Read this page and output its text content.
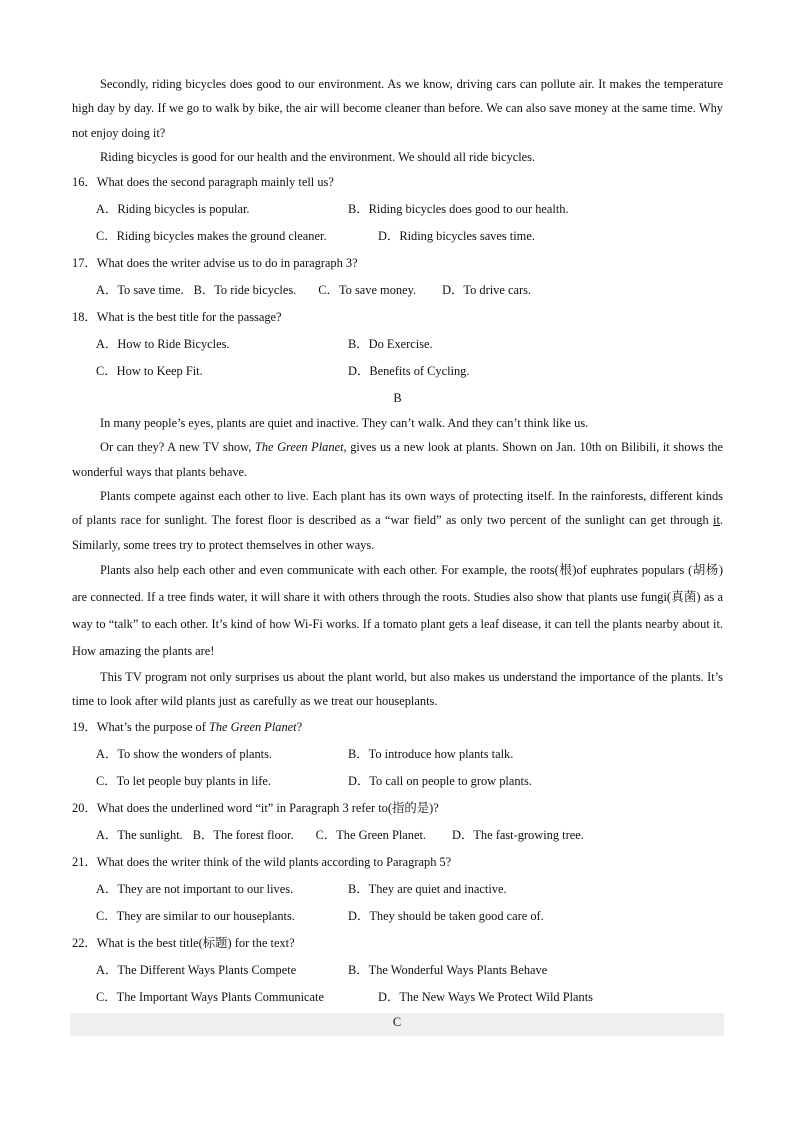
Secondly, riding bicycles does good to our environment. As we know, driving cars can pollute air. It makes the temperature high day by day. If we go to walk by bike, the air will become cleaner than before. We can also save money at the same time. Why not enjoy doing it?

Riding bicycles is good for our health and the environment. We should all ride bicycles.

16．What does the second paragraph mainly tell us?

A．Riding bicycles is popular.	B．Riding bicycles does good to our health.
C．Riding bicycles makes the ground cleaner.	D．Riding bicycles saves time.

17．What does the writer advise us to do in paragraph 3?

A．To save time. B．To ride bicycles. C．To save money. D．To drive cars.

18．What is the best title for the passage?

A．How to Ride Bicycles.	B．Do Exercise.
C．How to Keep Fit.	D．Benefits of Cycling.

B

In many people’s eyes, plants are quiet and inactive. They can’t walk. And they can’t think like us.

Or can they? A new TV show, The Green Planet, gives us a new look at plants. Shown on Jan. 10th on Bilibili, it shows the wonderful ways that plants behave.

Plants compete against each other to live. Each plant has its own ways of protecting itself. In the rainforests, different kinds of plants race for sunlight. The forest floor is described as a “war field” as only two percent of the sunlight can get through it. Similarly, some trees try to protect themselves in other ways.

Plants also help each other and even communicate with each other. For example, the roots(根)of euphrates populars (胡杨) are connected. If a tree finds water, it will share it with others through the roots. Studies also show that plants use fungi(真菌) as a way to “talk” to each other. It’s kind of how Wi-Fi works. If a tomato plant gets a leaf disease, it can tell the plants nearby about it. How amazing the plants are!

This TV program not only surprises us about the plant world, but also makes us understand the importance of the plants. It’s time to look after wild plants just as carefully as we treat our houseplants.

19．What’s the purpose of The Green Planet?

A．To show the wonders of plants.	B．To introduce how plants talk.
C．To let people buy plants in life.	D．To call on people to grow plants.

20．What does the underlined word “it” in Paragraph 3 refer to(指的是)?

A．The sunlight. B．The forest floor. C．The Green Planet. D．The fast-growing tree.

21．What does the writer think of the wild plants according to Paragraph 5?

A．They are not important to our lives.	B．They are quiet and inactive.
C．They are similar to our houseplants.	D．They should be taken good care of.

22．What is the best title(标题) for the text?

A．The Different Ways Plants Compete	B．The Wonderful Ways Plants Behave
C．The Important Ways Plants Communicate	D．The New Ways We Protect Wild Plants
C
